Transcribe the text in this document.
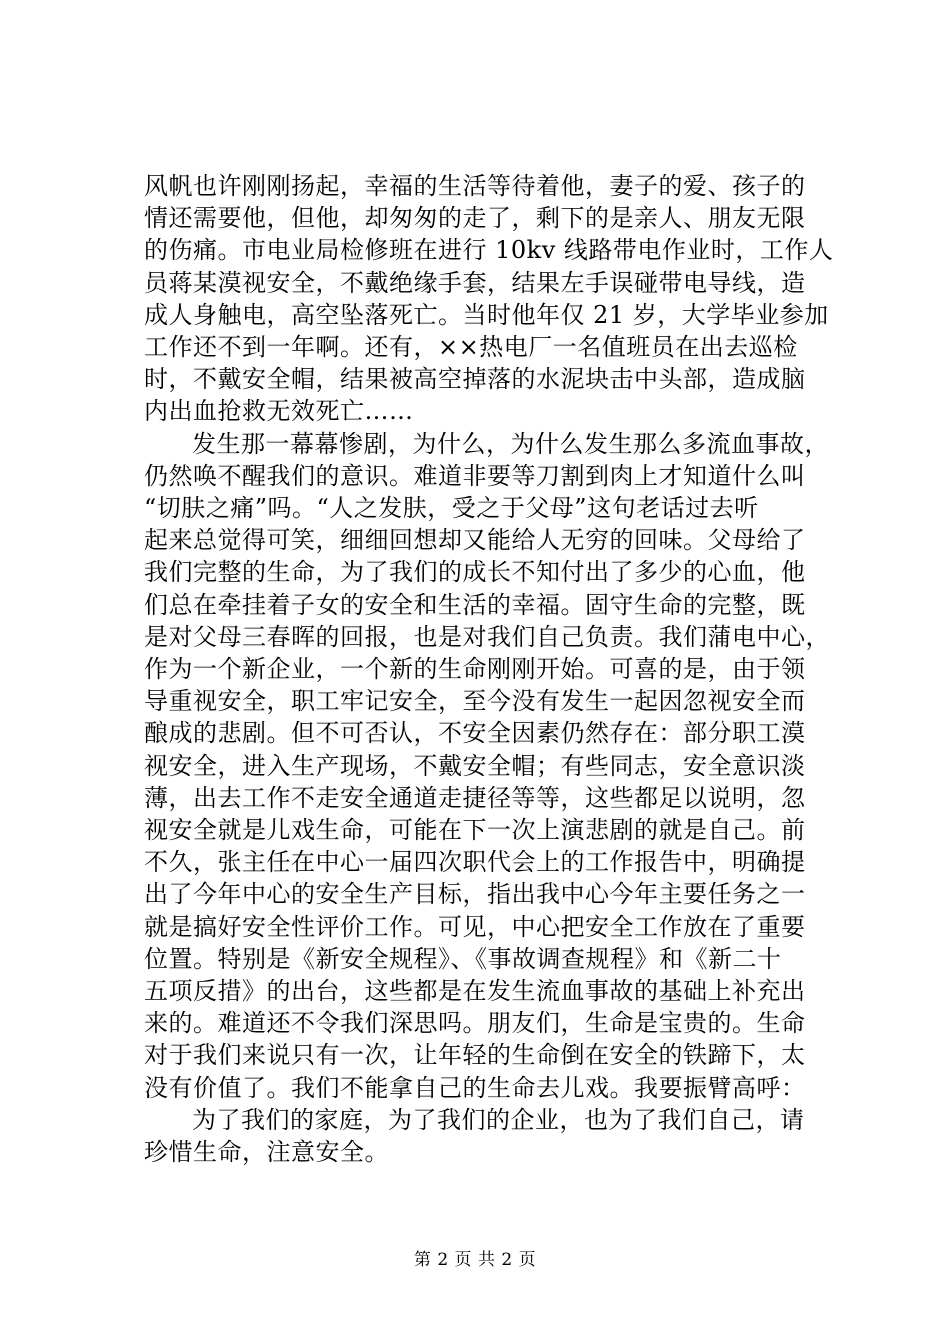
风帆也许刚刚扬起，幸福的生活等待着他，妻子的爱、孩子的
情还需要他，但他，却匆匆的走了，剩下的是亲人、朋友无限
的伤痛。市电业局检修班在进行 10kv 线路带电作业时，工作人
员蒋某漠视安全，不戴绝缘手套，结果左手误碰带电导线，造
成人身触电，高空坠落死亡。当时他年仅 21 岁，大学毕业参加
工作还不到一年啊。还有，××热电厂一名值班员在出去巡检
时，不戴安全帽，结果被高空掉落的水泥块击中头部，造成脑
内出血抢救无效死亡……
发生那一幕幕惨剧，为什么，为什么发生那么多流血事故，
仍然唤不醒我们的意识。难道非要等刀割到肉上才知道什么叫
“切肤之痛”吗。“人之发肤，受之于父母”这句老话过去听
起来总觉得可笑，细细回想却又能给人无穷的回味。父母给了
我们完整的生命，为了我们的成长不知付出了多少的心血，他
们总在牵挂着子女的安全和生活的幸福。固守生命的完整，既
是对父母三春晖的回报，也是对我们自己负责。我们蒲电中心，
作为一个新企业，一个新的生命刚刚开始。可喜的是，由于领
导重视安全，职工牢记安全，至今没有发生一起因忽视安全而
酿成的悲剧。但不可否认，不安全因素仍然存在：部分职工漠
视安全，进入生产现场，不戴安全帽；有些同志，安全意识淡
薄，出去工作不走安全通道走捷径等等，这些都足以说明，忽
视安全就是儿戏生命，可能在下一次上演悲剧的就是自己。前
不久，张主任在中心一届四次职代会上的工作报告中，明确提
出了今年中心的安全生产目标，指出我中心今年主要任务之一
就是搞好安全性评价工作。可见，中心把安全工作放在了重要
位置。特别是《新安全规程》、《事故调查规程》和《新二十
五项反措》的出台，这些都是在发生流血事故的基础上补充出
来的。难道还不令我们深思吗。朋友们，生命是宝贵的。生命
对于我们来说只有一次，让年轻的生命倒在安全的铁蹄下，太
没有价值了。我们不能拿自己的生命去儿戏。我要振臂高呼：
为了我们的家庭，为了我们的企业，也为了我们自己，请
珍惜生命，注意安全。
第 2 页 共 2 页
